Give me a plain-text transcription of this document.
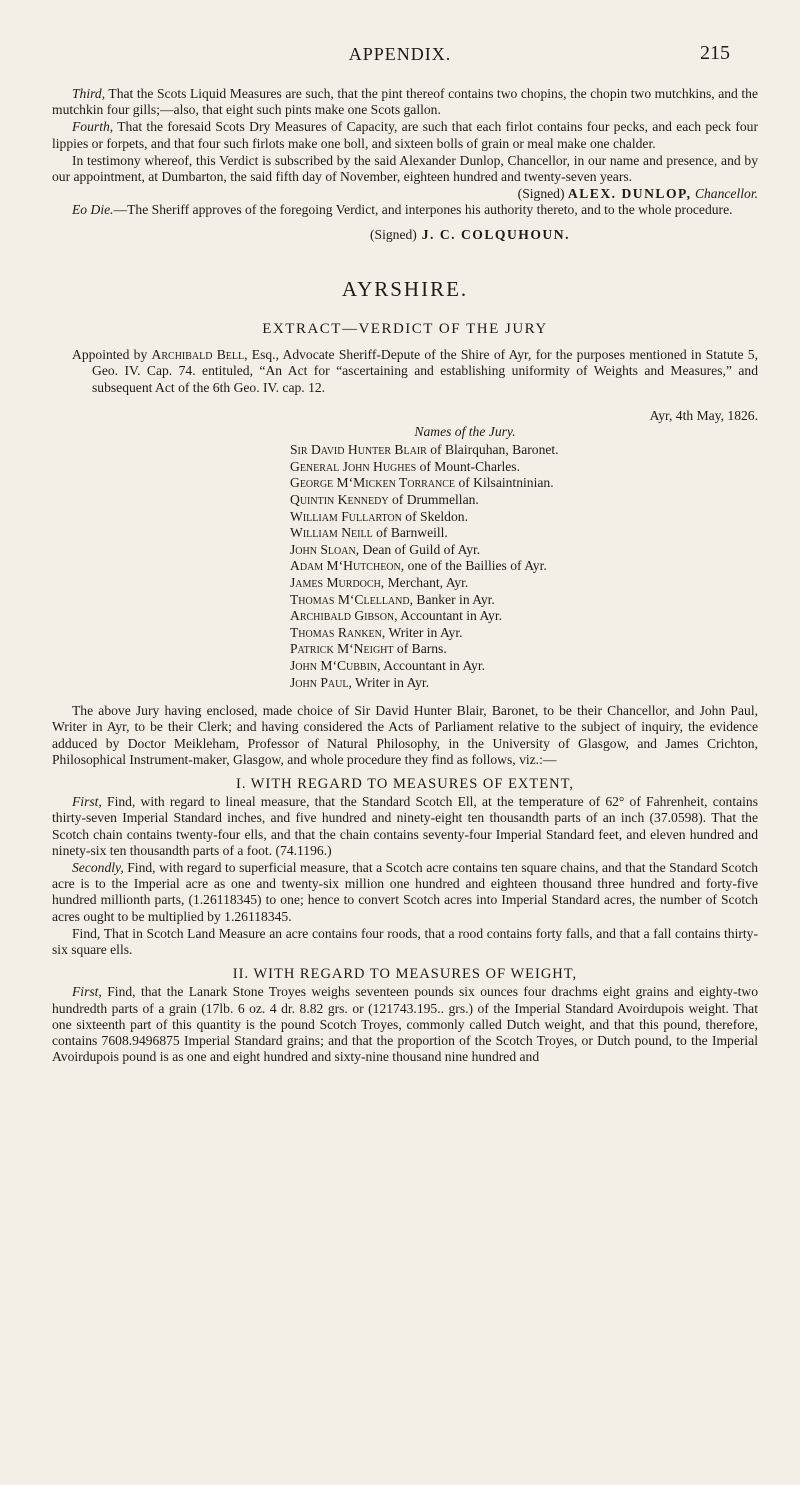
APPENDIX.	215

Third, That the Scots Liquid Measures are such, that the pint thereof contains two chopins, the chopin two mutchkins, and the mutchkin four gills;—also, that eight such pints make one Scots gallon.

Fourth, That the foresaid Scots Dry Measures of Capacity, are such that each firlot contains four pecks, and each peck four lippies or forpets, and that four such firlots make one boll, and sixteen bolls of grain or meal make one chalder.

In testimony whereof, this Verdict is subscribed by the said Alexander Dunlop, Chancellor, in our name and presence, and by our appointment, at Dumbarton, the said fifth day of November, eighteen hundred and twenty-seven years.

(Signed) ALEX. DUNLOP, Chancellor.

Eo Die.—The Sheriff approves of the foregoing Verdict, and interpones his authority thereto, and to the whole procedure.

(Signed) J. C. COLQUHOUN.
AYRSHIRE.
EXTRACT—VERDICT OF THE JURY

Appointed by Archibald Bell, Esq., Advocate Sheriff-Depute of the Shire of Ayr, for the purposes mentioned in Statute 5, Geo. IV. Cap. 74. entituled, “An Act for “ascertaining and establishing uniformity of Weights and Measures,” and subsequent Act of the 6th Geo. IV. cap. 12.

Ayr, 4th May, 1826.
Names of the Jury.
Sir David Hunter Blair of Blairquhan, Baronet.
General John Hughes of Mount-Charles.
George M‘Micken Torrance of Kilsaintninian.
Quintin Kennedy of Drummellan.
William Fullarton of Skeldon.
William Neill of Barnweill.
John Sloan, Dean of Guild of Ayr.
Adam M‘Hutcheon, one of the Baillies of Ayr.
James Murdoch, Merchant, Ayr.
Thomas M‘Clelland, Banker in Ayr.
Archibald Gibson, Accountant in Ayr.
Thomas Ranken, Writer in Ayr.
Patrick M‘Neight of Barns.
John M‘Cubbin, Accountant in Ayr.
John Paul, Writer in Ayr.

The above Jury having enclosed, made choice of Sir David Hunter Blair, Baronet, to be their Chancellor, and John Paul, Writer in Ayr, to be their Clerk; and having considered the Acts of Parliament relative to the subject of inquiry, the evidence adduced by Doctor Meikleham, Professor of Natural Philosophy, in the University of Glasgow, and James Crichton, Philosophical Instrument-maker, Glasgow, and whole procedure they find as follows, viz.:—

I. WITH REGARD TO MEASURES OF EXTENT,

First, Find, with regard to lineal measure, that the Standard Scotch Ell, at the temperature of 62° of Fahrenheit, contains thirty-seven Imperial Standard inches, and five hundred and ninety-eight ten thousandth parts of an inch (37.0598). That the Scotch chain contains twenty-four ells, and that the chain contains seventy-four Imperial Standard feet, and eleven hundred and ninety-six ten thousandth parts of a foot. (74.1196.)

Secondly, Find, with regard to superficial measure, that a Scotch acre contains ten square chains, and that the Standard Scotch acre is to the Imperial acre as one and twenty-six million one hundred and eighteen thousand three hundred and forty-five hundred millionth parts, (1.26118345) to one; hence to convert Scotch acres into Imperial Standard acres, the number of Scotch acres ought to be multiplied by 1.26118345.

Find, That in Scotch Land Measure an acre contains four roods, that a rood contains forty falls, and that a fall contains thirty-six square ells.

II. WITH REGARD TO MEASURES OF WEIGHT,

First, Find, that the Lanark Stone Troyes weighs seventeen pounds six ounces four drachms eight grains and eighty-two hundredth parts of a grain (17lb. 6 oz. 4 dr. 8.82 grs. or (121743.195.. grs.) of the Imperial Standard Avoirdupois weight. That one sixteenth part of this quantity is the pound Scotch Troyes, commonly called Dutch weight, and that this pound, therefore, contains 7608.9496875 Imperial Standard grains; and that the proportion of the Scotch Troyes, or Dutch pound, to the Imperial Avoirdupois pound is as one and eight hundred and sixty-nine thousand nine hundred and
